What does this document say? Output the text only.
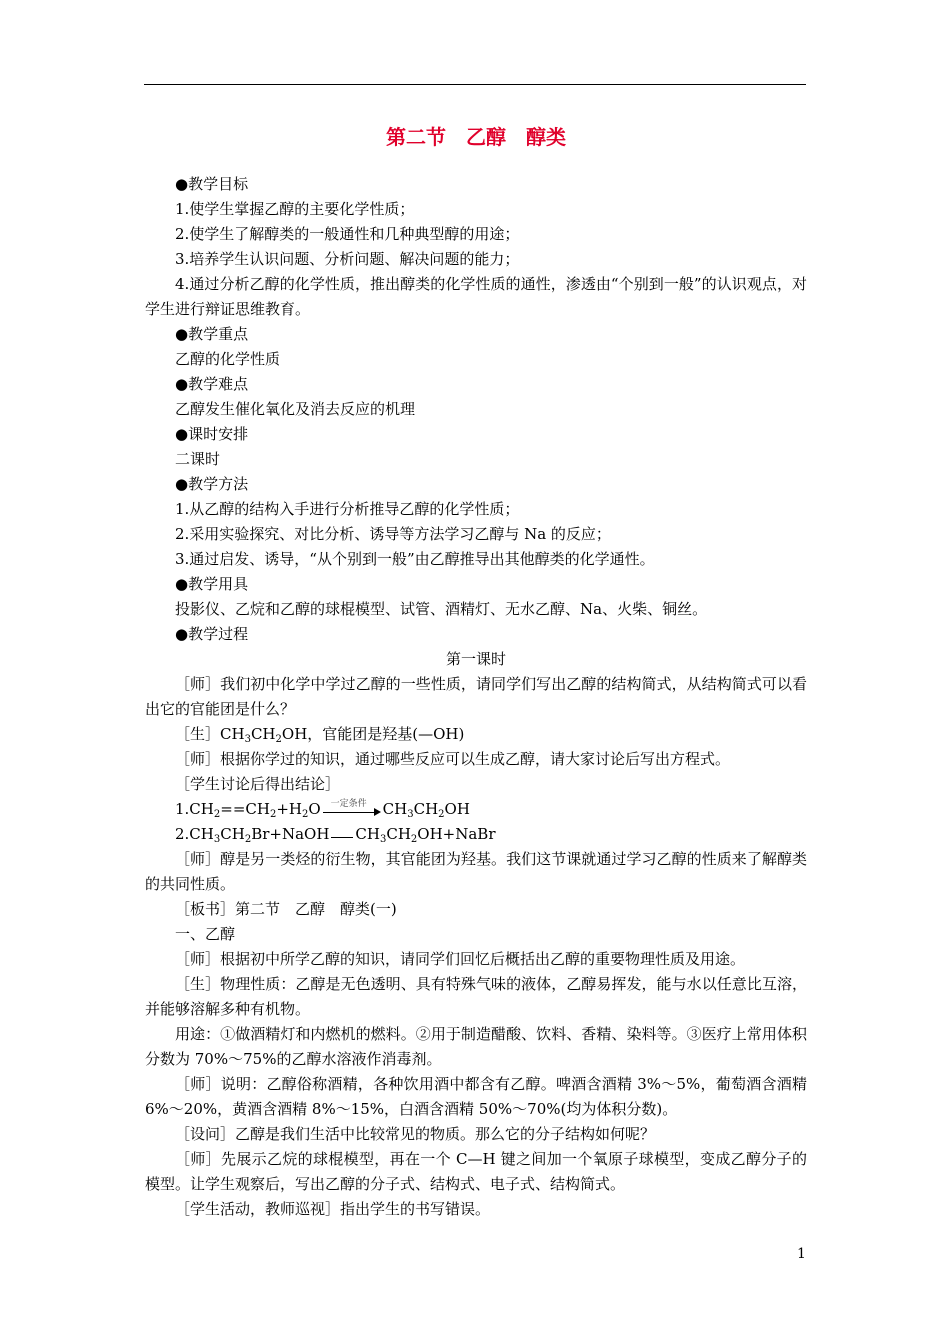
第二节　乙醇　醇类
●教学目标
1.使学生掌握乙醇的主要化学性质；
2.使学生了解醇类的一般通性和几种典型醇的用途；
3.培养学生认识问题、分析问题、解决问题的能力；
4.通过分析乙醇的化学性质，推出醇类的化学性质的通性，渗透由“个别到一般”的认识观点，对学生进行辩证思维教育。
●教学重点
乙醇的化学性质
●教学难点
乙醇发生催化氧化及消去反应的机理
●课时安排
二课时
●教学方法
1.从乙醇的结构入手进行分析推导乙醇的化学性质；
2.采用实验探究、对比分析、诱导等方法学习乙醇与 Na 的反应；
3.通过启发、诱导，“从个别到一般”由乙醇推导出其他醇类的化学通性。
●教学用具
投影仪、乙烷和乙醇的球棍模型、试管、酒精灯、无水乙醇、Na、火柴、铜丝。
●教学过程
第一课时
［师］我们初中化学中学过乙醇的一些性质，请同学们写出乙醇的结构简式，从结构简式可以看出它的官能团是什么？
［生$]CH_3CH_2OH$，官能团是羟基(—OH)
［师］根据你学过的知识，通过哪些反应可以生成乙醇，请大家讨论后写出方程式。
［学生讨论后得出结论］
$1.CH_2==CH_2+H_2O$	一定条件	$CH_3CH_2OH$
$2.CH_3CH_2Br+NaOH$ $CH_3CH_2OH+NaBr$
［师］醇是另一类烃的衍生物，其官能团为羟基。我们这节课就通过学习乙醇的性质来了解醇类的共同性质。
［板书］第二节　乙醇　醇类(一)
一、乙醇
［师］根据初中所学乙醇的知识，请同学们回忆后概括出乙醇的重要物理性质及用途。
［生］物理性质：乙醇是无色透明、具有特殊气味的液体，乙醇易挥发，能与水以任意比互溶，并能够溶解多种有机物。
用途：①做酒精灯和内燃机的燃料。②用于制造醋酸、饮料、香精、染料等。③医疗上常用体积分数为 70%～75%的乙醇水溶液作消毒剂。
［师］说明：乙醇俗称酒精，各种饮用酒中都含有乙醇。啤酒含酒精 3%～5%，葡萄酒含酒精 6%～20%，黄酒含酒精 8%～15%，白酒含酒精 50%～70%(均为体积分数)。
［设问］乙醇是我们生活中比较常见的物质。那么它的分子结构如何呢？
［师］先展示乙烷的球棍模型，再在一个 C—H 键之间加一个氧原子球模型，变成乙醇分子的模型。让学生观察后，写出乙醇的分子式、结构式、电子式、结构简式。
［学生活动，教师巡视］指出学生的书写错误。
1
